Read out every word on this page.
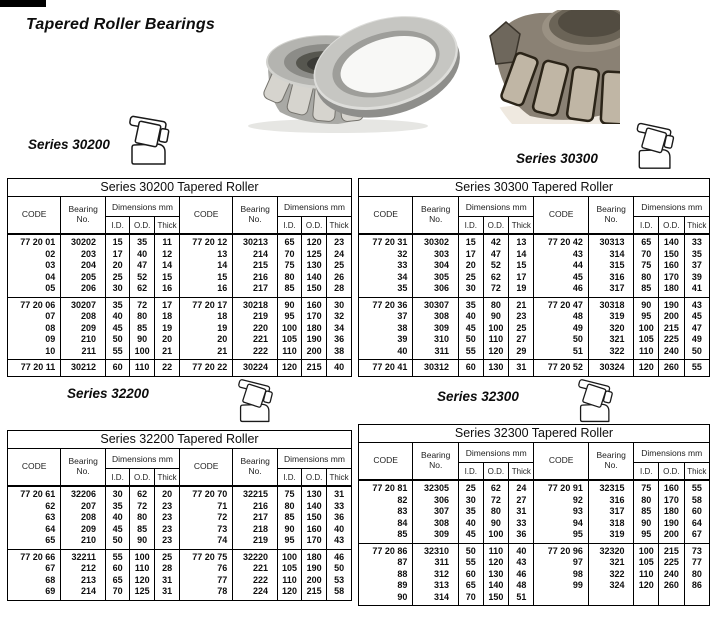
Tapered Roller Bearings
Series 30200
Series 30300
Series 32200	Series 32300
Series 30200 Tapered Roller									
CODE	Bearing No.	Dimensions mm			CODE	Bearing No.	Dimensions mm		
		I.D.	O.D.	Thick			I.D.	O.D.	Thick
77 20 01	30202	15	35	11	77 20 12	30213	65	120	23
02	203	17	40	12	13	214	70	125	24
03	204	20	47	14	14	215	75	130	25
04	205	25	52	15	15	216	80	140	26
05	206	30	62	16	16	217	85	150	28
77 20 06	30207	35	72	17	77 20 17	30218	90	160	30
07	208	40	80	18	18	219	95	170	32
08	209	45	85	19	19	220	100	180	34
09	210	50	90	20	20	221	105	190	36
10	211	55	100	21	21	222	110	200	38
77 20 11	30212	60	110	22	77 20 22	30224	120	215	40
Series 30300 Tapered Roller									
CODE	Bearing No.	Dimensions mm			CODE	Bearing No.	Dimensions mm		
		I.D.	O.D.	Thick			I.D.	O.D.	Thick
77 20 31	30302	15	42	13	77 20 42	30313	65	140	33
32	303	17	47	14	43	314	70	150	35
33	304	20	52	15	44	315	75	160	37
34	305	25	62	17	45	316	80	170	39
35	306	30	72	19	46	317	85	180	41
77 20 36	30307	35	80	21	77 20 47	30318	90	190	43
37	308	40	90	23	48	319	95	200	45
38	309	45	100	25	49	320	100	215	47
39	310	50	110	27	50	321	105	225	49
40	311	55	120	29	51	322	110	240	50
77 20 41	30312	60	130	31	77 20 52	30324	120	260	55
Series 32200 Tapered Roller									
CODE	Bearing No.	Dimensions mm			CODE	Bearing No.	Dimensions mm		
		I.D.	O.D.	Thick			I.D.	O.D.	Thick
77 20 61	32206	30	62	20	77 20 70	32215	75	130	31
62	207	35	72	23	71	216	80	140	33
63	208	40	80	23	72	217	85	150	36
64	209	45	85	23	73	218	90	160	40
65	210	50	90	23	74	219	95	170	43
77 20 66	32211	55	100	25	77 20 75	32220	100	180	46
67	212	60	110	28	76	221	105	190	50
68	213	65	120	31	77	222	110	200	53
69	214	70	125	31	78	224	120	215	58
Series 32300 Tapered Roller									
CODE	Bearing No.	Dimensions mm			CODE	Bearing No.	Dimensions mm		
		I.D.	O.D.	Thick			I.D.	O.D.	Thick
77 20 81	32305	25	62	24	77 20 91	32315	75	160	55
82	306	30	72	27	92	316	80	170	58
83	307	35	80	31	93	317	85	180	60
84	308	40	90	33	94	318	90	190	64
85	309	45	100	36	95	319	95	200	67
77 20 86	32310	50	110	40	77 20 96	32320	100	215	73
87	311	55	120	43	97	321	105	225	77
88	312	60	130	46	98	322	110	240	80
89	313	65	140	48	99	324	120	260	86
90	314	70	150	51					
